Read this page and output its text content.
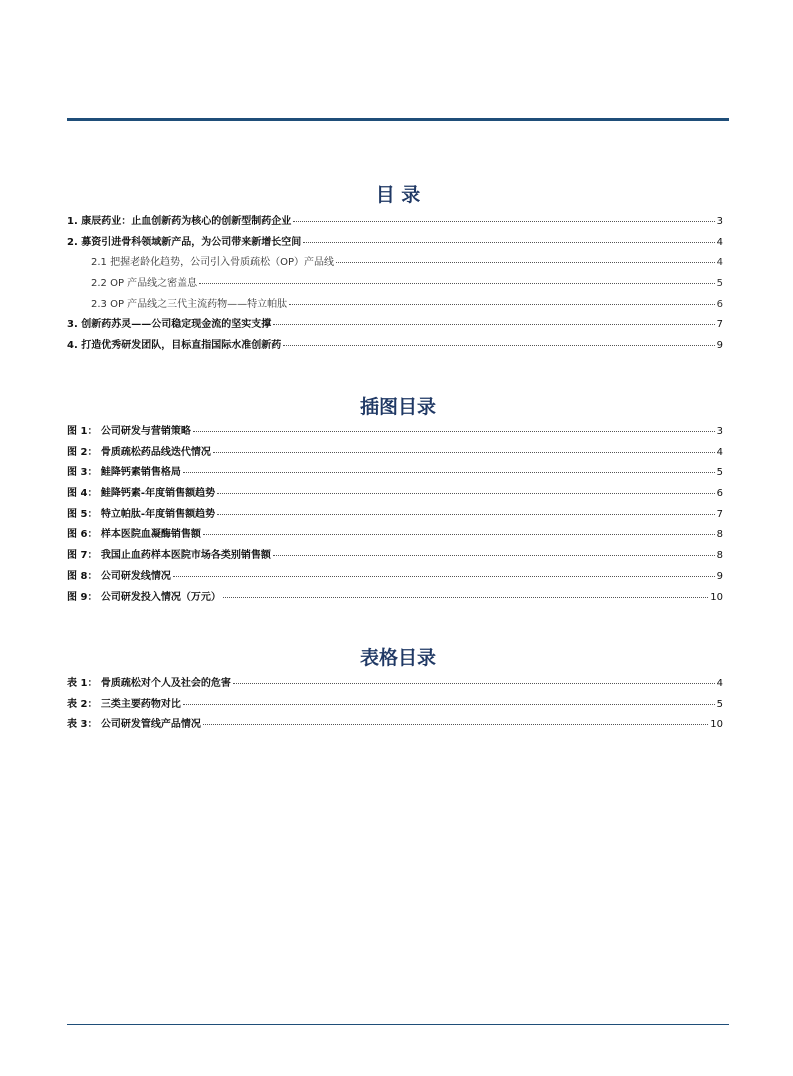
目 录
1. 康辰药业：止血创新药为核心的创新型制药企业	3
2. 募资引进骨科领域新产品，为公司带来新增长空间	4
2.1 把握老龄化趋势，公司引入骨质疏松（OP）产品线	4
2.2 OP 产品线之密盖息	5
2.3 OP 产品线之三代主流药物——特立帕肽	6
3. 创新药苏灵——公司稳定现金流的坚实支撑	7
4. 打造优秀研发团队，目标直指国际水准创新药	9
插图目录
图 1： 公司研发与营销策略	3
图 2： 骨质疏松药品线迭代情况	4
图 3： 鲑降钙素销售格局	5
图 4： 鲑降钙素-年度销售额趋势	6
图 5： 特立帕肽-年度销售额趋势	7
图 6： 样本医院血凝酶销售额	8
图 7： 我国止血药样本医院市场各类别销售额	8
图 8： 公司研发线情况	9
图 9： 公司研发投入情况（万元）	10
表格目录
表 1： 骨质疏松对个人及社会的危害	4
表 2： 三类主要药物对比	5
表 3： 公司研发管线产品情况	10
